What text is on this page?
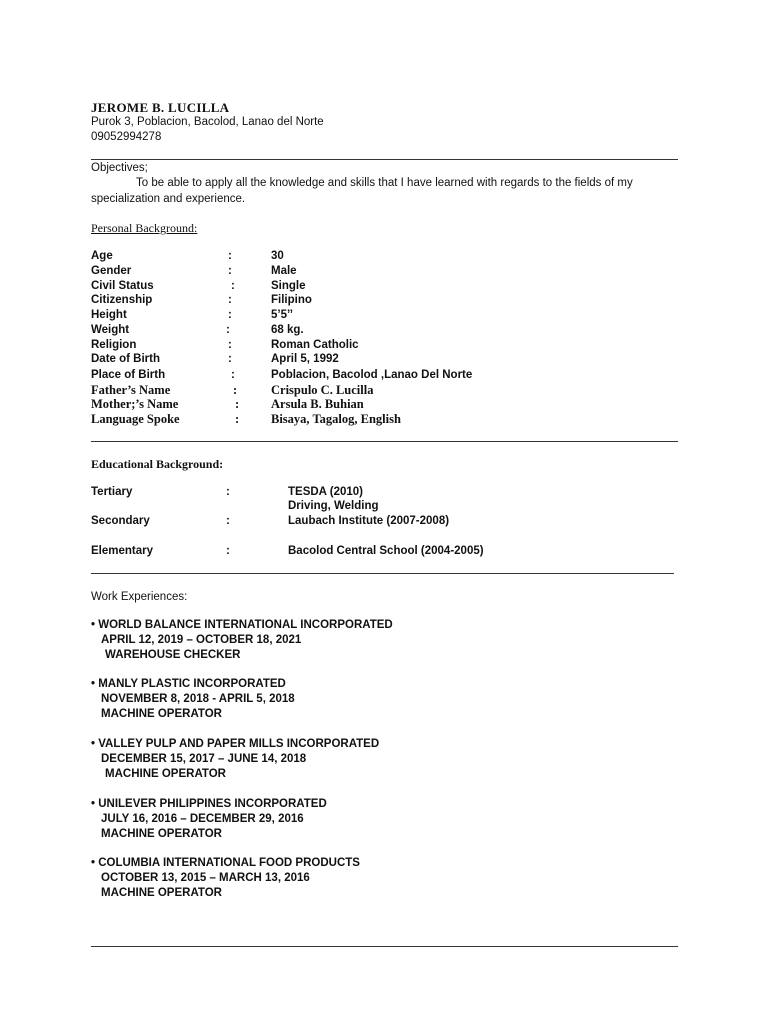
JEROME B. LUCILLA
Purok 3, Poblacion, Bacolod, Lanao del Norte
09052994278
Objectives;
To be able to apply all the knowledge and skills that I have learned with regards to the fields of my specialization and experience.
Personal Background:
Age	:	30
Gender	:	Male
Civil Status	:	Single
Citizenship	:	Filipino
Height	:	5’5’’
Weight	:	68 kg.
Religion	:	Roman Catholic
Date of Birth	:	April 5, 1992
Place of Birth	:	Poblacion, Bacolod ,Lanao Del Norte
Father’s Name	:	Crispulo C. Lucilla
Mother;’s Name	:	Arsula B. Buhian
Language Spoke	:	Bisaya, Tagalog, English
Educational Background:
Tertiary	:	TESDA (2010)
Driving, Welding
Secondary	:	Laubach Institute (2007-2008)
Elementary	:	Bacolod Central School (2004-2005)
Work Experiences:
• WORLD BALANCE INTERNATIONAL INCORPORATED
APRIL 12, 2019 – OCTOBER 18, 2021
WAREHOUSE CHECKER
• MANLY PLASTIC INCORPORATED
NOVEMBER 8, 2018 - APRIL 5, 2018
MACHINE OPERATOR
• VALLEY PULP AND PAPER MILLS INCORPORATED
DECEMBER 15, 2017 – JUNE 14, 2018
MACHINE OPERATOR
• UNILEVER PHILIPPINES INCORPORATED
JULY 16, 2016 – DECEMBER 29, 2016
MACHINE OPERATOR
• COLUMBIA INTERNATIONAL FOOD PRODUCTS
OCTOBER 13, 2015 – MARCH 13, 2016
MACHINE OPERATOR
